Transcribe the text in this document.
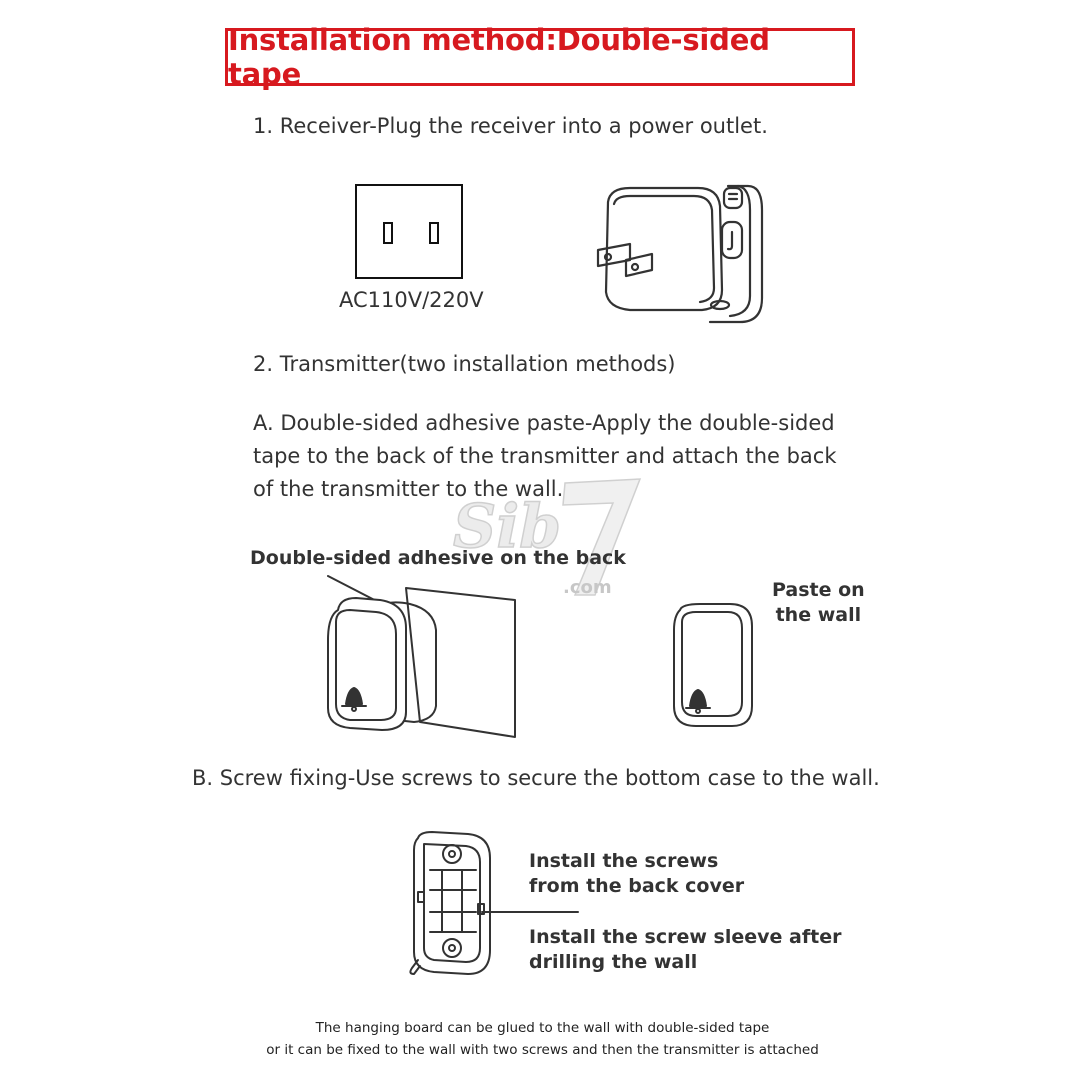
Installation method:Double-sided tape
1. Receiver-Plug the receiver into a power outlet.
AC110V/220V
2. Transmitter(two installation methods)
A. Double-sided adhesive paste-Apply the double-sided
tape to the back of the transmitter and attach the back
of the transmitter to the wall.
Sib
.com
Double-sided adhesive on the back
Paste on
the wall
B. Screw fixing-Use screws to secure the bottom case to the wall.
Install the screws
from the back cover
Install the screw sleeve after
drilling the wall
The hanging board can be glued to the wall with double-sided tape
or it can be fixed to the wall with two screws and then the transmitter is attached
